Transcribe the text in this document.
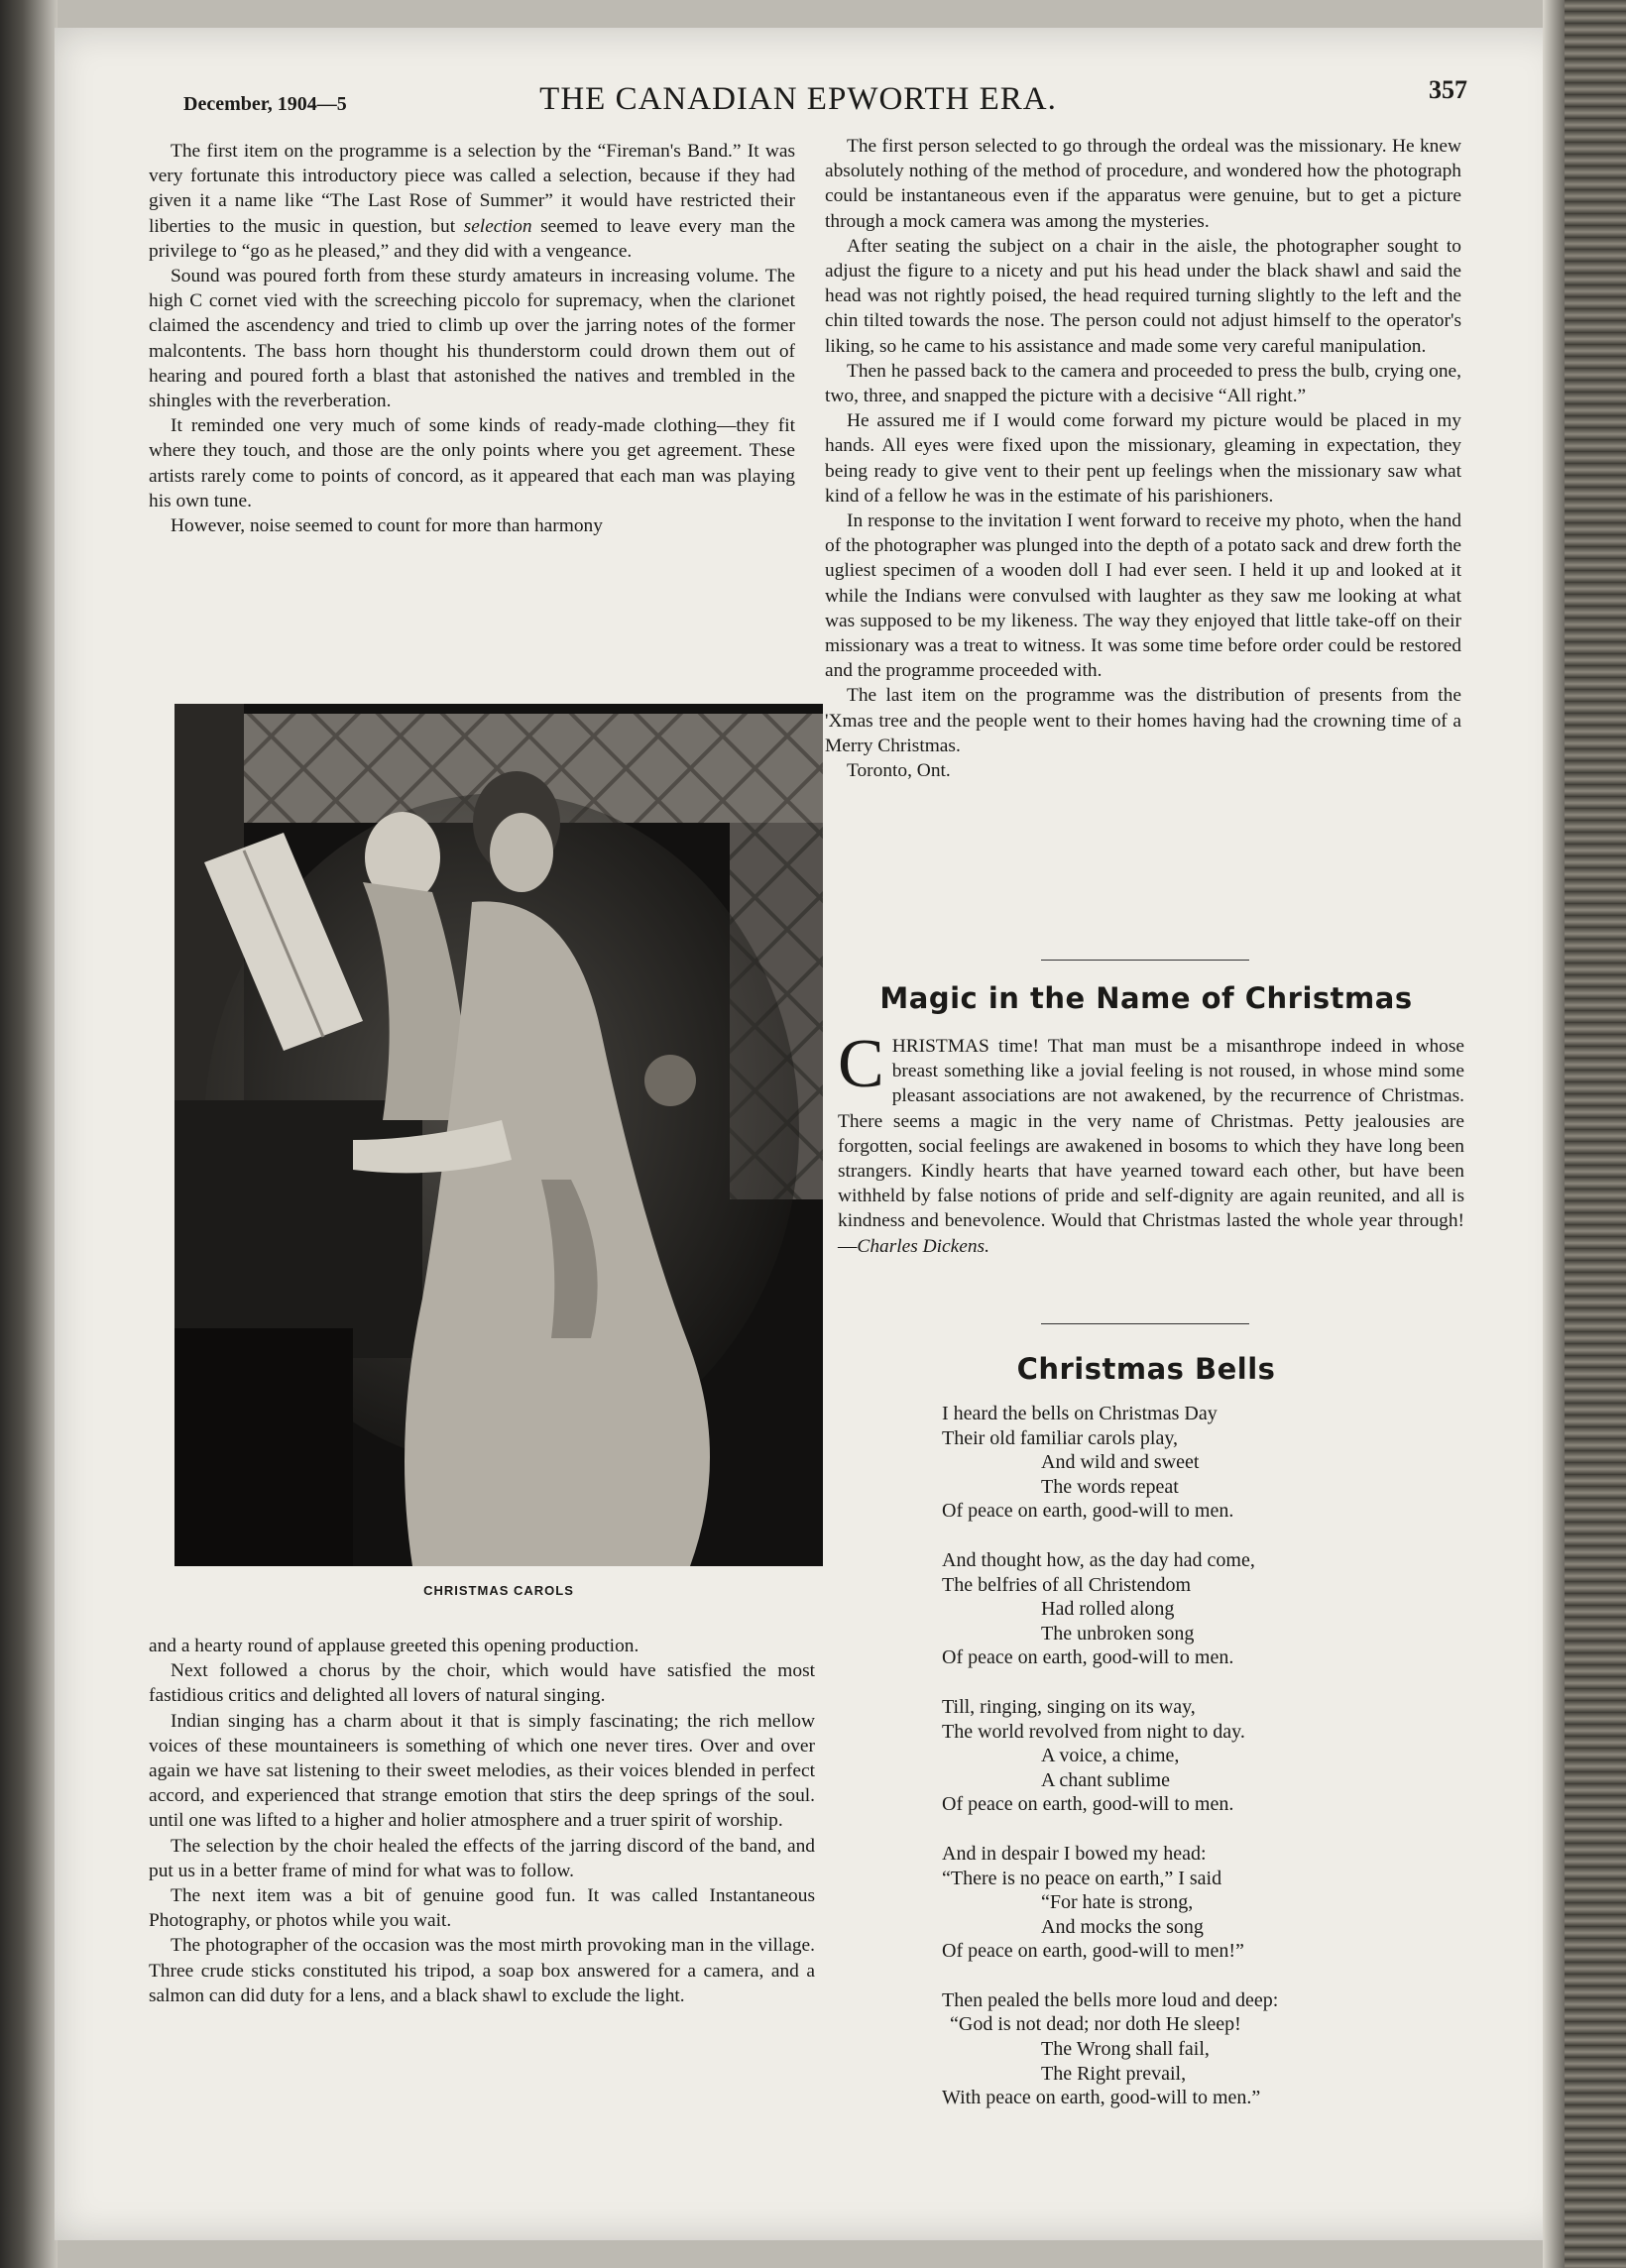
December, 1904—5	THE CANADIAN EPWORTH ERA.	357

The first item on the programme is a selection by the “Fireman's Band.” It was very fortunate this introductory piece was called a selection, because if they had given it a name like “The Last Rose of Summer” it would have restricted their liberties to the music in question, but selection seemed to leave every man the privilege to “go as he pleased,” and they did with a vengeance.

Sound was poured forth from these sturdy amateurs in increasing volume. The high C cornet vied with the screeching piccolo for supremacy, when the clarionet claimed the ascendency and tried to climb up over the jarring notes of the former malcontents. The bass horn thought his thunderstorm could drown them out of hearing and poured forth a blast that astonished the natives and trembled in the shingles with the reverberation.

It reminded one very much of some kinds of ready-made clothing—they fit where they touch, and those are the only points where you get agreement. These artists rarely come to points of concord, as it appeared that each man was playing his own tune.

However, noise seemed to count for more than harmony

CHRISTMAS CAROLS

and a hearty round of applause greeted this opening production.

Next followed a chorus by the choir, which would have satisfied the most fastidious critics and delighted all lovers of natural singing.

Indian singing has a charm about it that is simply fascinating; the rich mellow voices of these mountaineers is something of which one never tires. Over and over again we have sat listening to their sweet melodies, as their voices blended in perfect accord, and experienced that strange emotion that stirs the deep springs of the soul. until one was lifted to a higher and holier atmosphere and a truer spirit of worship.

The selection by the choir healed the effects of the jarring discord of the band, and put us in a better frame of mind for what was to follow.

The next item was a bit of genuine good fun. It was called Instantaneous Photography, or photos while you wait.

The photographer of the occasion was the most mirth provoking man in the village. Three crude sticks constituted his tripod, a soap box answered for a camera, and a salmon can did duty for a lens, and a black shawl to exclude the light.

The first person selected to go through the ordeal was the missionary. He knew absolutely nothing of the method of procedure, and wondered how the photograph could be instantaneous even if the apparatus were genuine, but to get a picture through a mock camera was among the mysteries.

After seating the subject on a chair in the aisle, the photographer sought to adjust the figure to a nicety and put his head under the black shawl and said the head was not rightly poised, the head required turning slightly to the left and the chin tilted towards the nose. The person could not adjust himself to the operator's liking, so he came to his assistance and made some very careful manipulation.

Then he passed back to the camera and proceeded to press the bulb, crying one, two, three, and snapped the picture with a decisive “All right.”

He assured me if I would come forward my picture would be placed in my hands. All eyes were fixed upon the missionary, gleaming in expectation, they being ready to give vent to their pent up feelings when the missionary saw what kind of a fellow he was in the estimate of his parishioners.

In response to the invitation I went forward to receive my photo, when the hand of the photographer was plunged into the depth of a potato sack and drew forth the ugliest specimen of a wooden doll I had ever seen. I held it up and looked at it while the Indians were convulsed with laughter as they saw me looking at what was supposed to be my likeness. The way they enjoyed that little take-off on their missionary was a treat to witness. It was some time before order could be restored and the programme proceeded with.

The last item on the programme was the distribution of presents from the 'Xmas tree and the people went to their homes having had the crowning time of a Merry Christmas.

Toronto, Ont.

Magic in the Name of Christmas

CHRISTMAS time! That man must be a misanthrope indeed in whose breast something like a jovial feeling is not roused, in whose mind some pleasant associations are not awakened, by the recurrence of Christmas. There seems a magic in the very name of Christmas. Petty jealousies are forgotten, social feelings are awakened in bosoms to which they have long been strangers. Kindly hearts that have yearned toward each other, but have been withheld by false notions of pride and self-dignity are again reunited, and all is kindness and benevolence. Would that Christmas lasted the whole year through!—Charles Dickens.

Christmas Bells
I heard the bells on Christmas Day
Their old familiar carols play,
And wild and sweet
The words repeat
Of peace on earth, good-will to men.
And thought how, as the day had come,
The belfries of all Christendom
Had rolled along
The unbroken song
Of peace on earth, good-will to men.
Till, ringing, singing on its way,
The world revolved from night to day.
A voice, a chime,
A chant sublime
Of peace on earth, good-will to men.
And in despair I bowed my head:
“There is no peace on earth,” I said
“For hate is strong,
And mocks the song
Of peace on earth, good-will to men!”
Then pealed the bells more loud and deep:
“God is not dead; nor doth He sleep!
The Wrong shall fail,
The Right prevail,
With peace on earth, good-will to men.”
